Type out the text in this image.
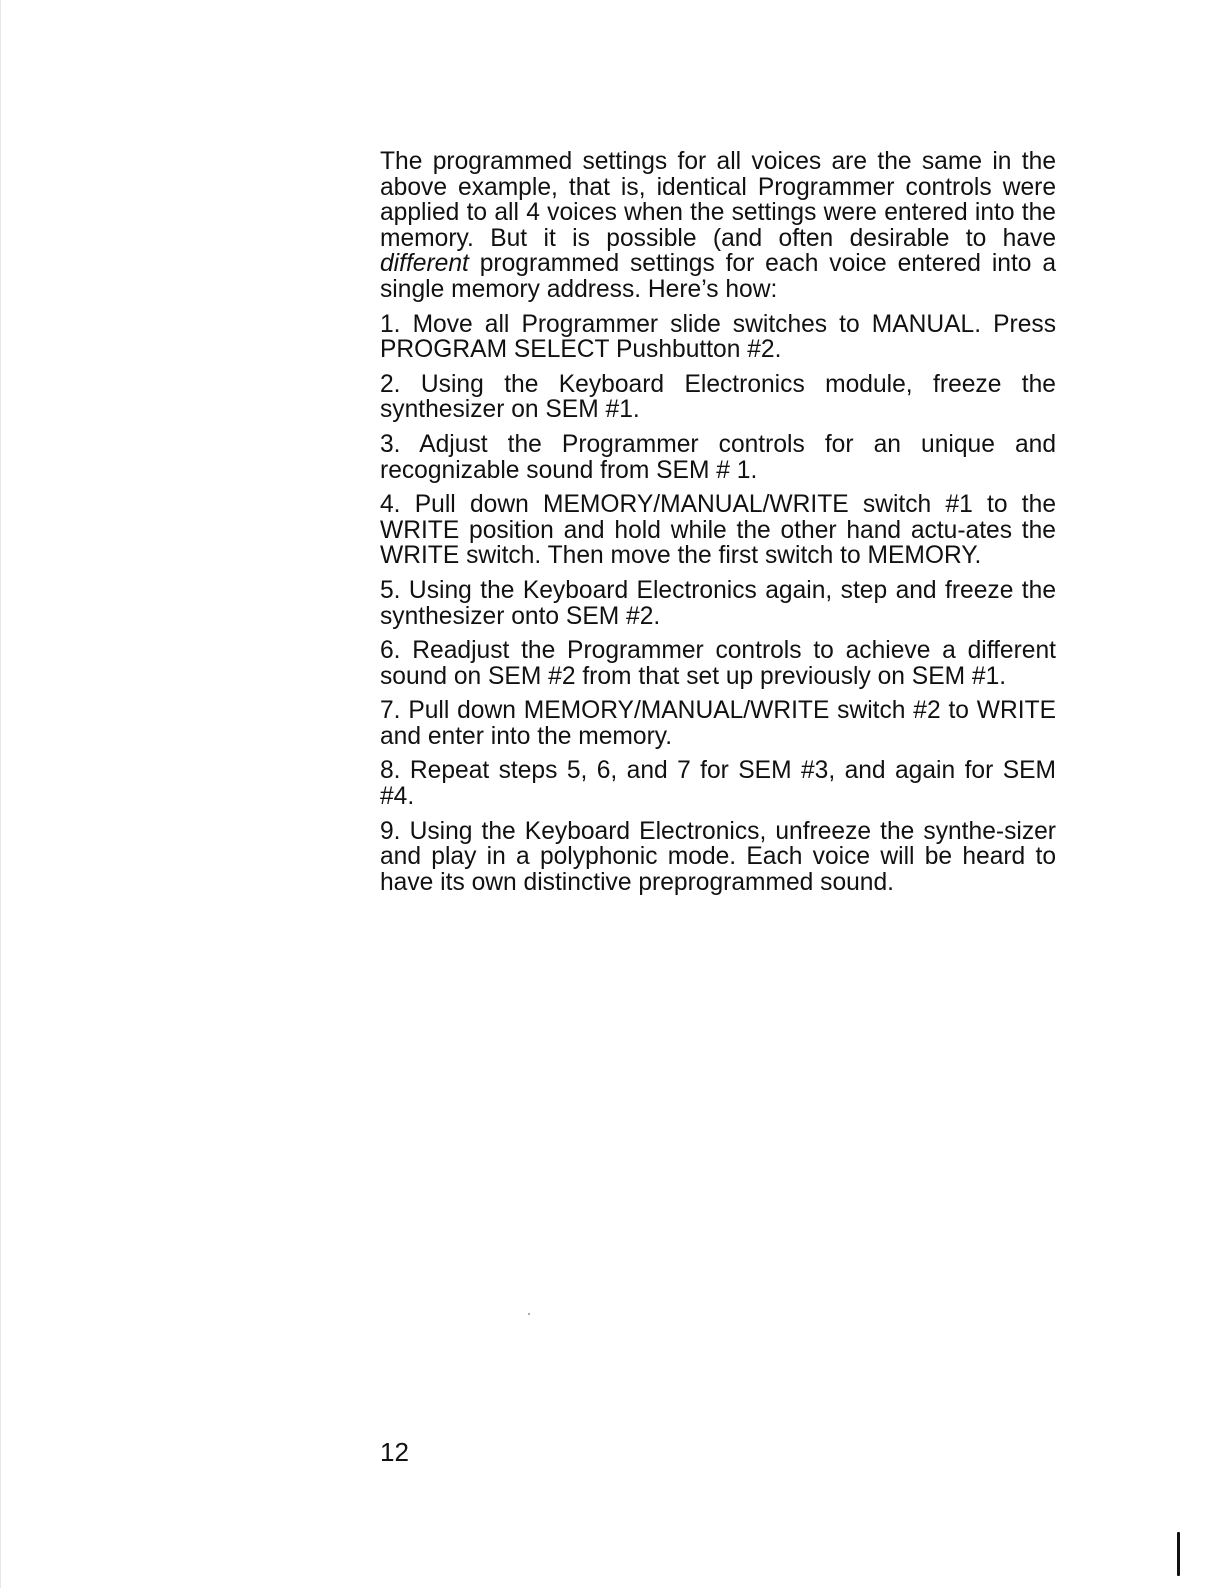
The programmed settings for all voices are the same in the above example, that is, identical Programmer controls were applied to all 4 voices when the settings were entered into the memory. But it is possible (and often desirable to have different programmed settings for each voice entered into a single memory address. Here’s how:

1. Move all Programmer slide switches to MANUAL. Press PROGRAM SELECT Pushbutton #2.

2. Using the Keyboard Electronics module, freeze the synthesizer on SEM #1.

3. Adjust the Programmer controls for an unique and recognizable sound from SEM # 1.

4. Pull down MEMORY/MANUAL/WRITE switch #1 to the WRITE position and hold while the other hand actu-ates the WRITE switch. Then move the first switch to MEMORY.

5. Using the Keyboard Electronics again, step and freeze the synthesizer onto SEM #2.

6. Readjust the Programmer controls to achieve a different sound on SEM #2 from that set up previously on SEM #1.

7. Pull down MEMORY/MANUAL/WRITE switch #2 to WRITE and enter into the memory.

8. Repeat steps 5, 6, and 7 for SEM #3, and again for SEM #4.

9. Using the Keyboard Electronics, unfreeze the synthe-sizer and play in a polyphonic mode. Each voice will be heard to have its own distinctive preprogrammed sound.

12
